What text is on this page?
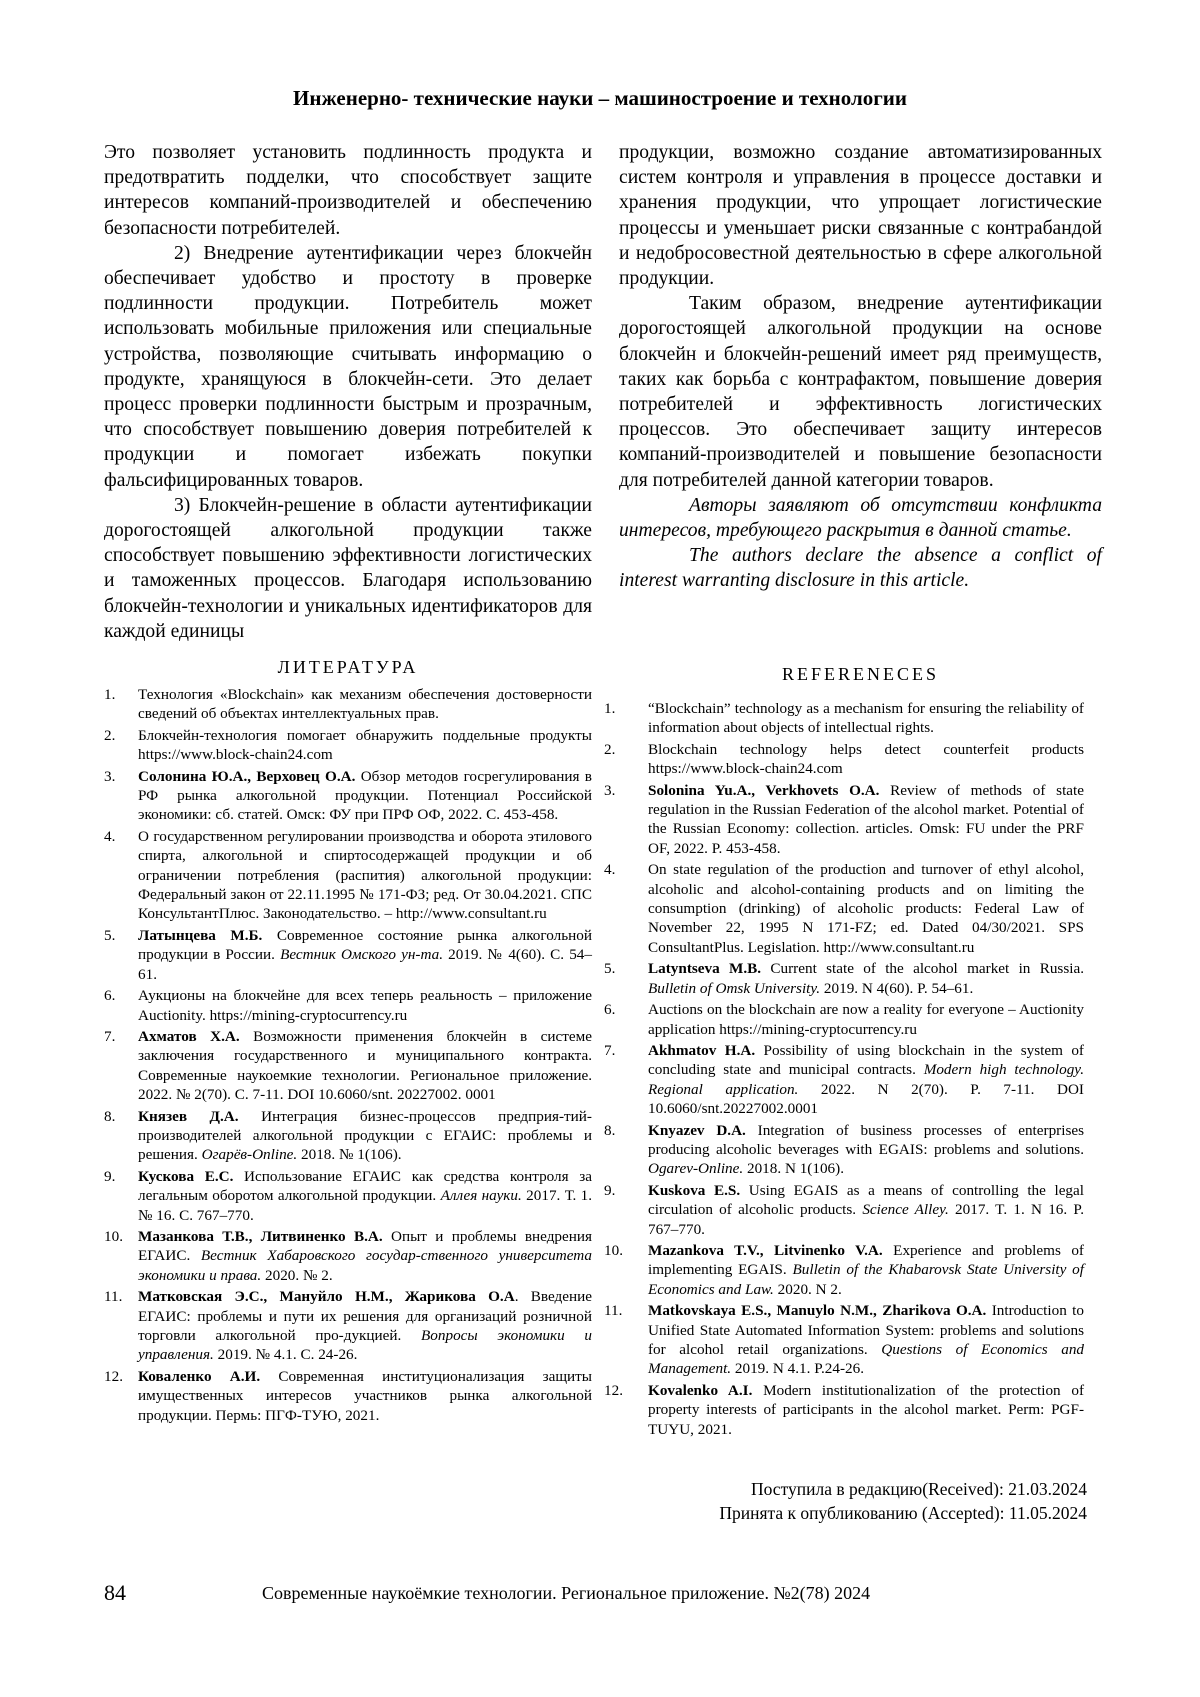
Инженерно- технические науки – машиностроение и технологии

Это позволяет установить подлинность продукта и предотвратить подделки, что способствует защите интересов компаний-производителей и обеспечению безопасности потребителей.

2) Внедрение аутентификации через блокчейн обеспечивает удобство и простоту в проверке подлинности продукции. Потребитель может использовать мобильные приложения или специальные устройства, позволяющие считывать информацию о продукте, хранящуюся в блокчейн-сети. Это делает процесс проверки подлинности быстрым и прозрачным, что способствует повышению доверия потребителей к продукции и помогает избежать покупки фальсифицированных товаров.

3) Блокчейн-решение в области аутентификации дорогостоящей алкогольной продукции также способствует повышению эффективности логистических и таможенных процессов. Благодаря использованию блокчейн-технологии и уникальных идентификаторов для каждой единицы

продукции, возможно создание автоматизированных систем контроля и управления в процессе доставки и хранения продукции, что упрощает логистические процессы и уменьшает риски связанные с контрабандой и недобросовестной деятельностью в сфере алкогольной продукции.

Таким образом, внедрение аутентификации дорогостоящей алкогольной продукции на основе блокчейн и блокчейн-решений имеет ряд преимуществ, таких как борьба с контрафактом, повышение доверия потребителей и эффективность логистических процессов. Это обеспечивает защиту интересов компаний-производителей и повышение безопасности для потребителей данной категории товаров.

Авторы заявляют об отсутствии конфликта интересов, требующего раскрытия в данной статье.

The authors declare the absence a conflict of interest warranting disclosure in this article.

ЛИТЕРАТУРА
1.	Технология «Blockchain» как механизм обеспечения достоверности сведений об объектах интеллектуальных прав.
2.	Блокчейн-технология помогает обнаружить поддельные продукты https://www.block-chain24.com
3.	Солонина Ю.А., Верховец О.А. Обзор методов госрегулирования в РФ рынка алкогольной продукции. Потенциал Российской экономики: сб. статей. Омск: ФУ при ПРФ ОФ, 2022. С. 453-458.
4.	О государственном регулировании производства и оборота этилового спирта, алкогольной и спиртосодержащей продукции и об ограничении потребления (распития) алкогольной продукции: Федеральный закон от 22.11.1995 № 171-ФЗ; ред. От 30.04.2021. СПС КонсультантПлюс. Законодательство. – http://www.consultant.ru
5.	Латынцева М.Б. Современное состояние рынка алкогольной продукции в России. Вестник Омского ун-та. 2019. № 4(60). С. 54–61.
6.	Аукционы на блокчейне для всех теперь реальность – приложение Auctionity. https://mining-cryptocurrency.ru
7.	Ахматов Х.А. Возможности применения блокчейн в системе заключения государственного и муниципального контракта. Современные наукоемкие технологии. Региональное приложение. 2022. № 2(70). С. 7-11. DOI 10.6060/snt. 20227002. 0001
8.	Князев Д.А. Интеграция бизнес-процессов предприя-тий-производителей алкогольной продукции с ЕГАИС: проблемы и решения. Огарёв-Online. 2018. № 1(106).
9.	Кускова Е.С. Использование ЕГАИС как средства контроля за легальным оборотом алкогольной продукции. Аллея науки. 2017. Т. 1. № 16. С. 767–770.
10. Мазанкова Т.В., Литвиненко В.А. Опыт и проблемы внедрения ЕГАИС. Вестник Хабаровского государ-ственного университета экономики и права. 2020. № 2.
11.	Матковская Э.С., Мануйло Н.М., Жарикова О.А. Введение ЕГАИС: проблемы и пути их решения для организаций розничной торговли алкогольной про-дукцией. Вопросы экономики и управления. 2019. № 4.1. С. 24-26.
12. Коваленко А.И. Современная институционализация защиты имущественных интересов участников рынка алкогольной продукции. Пермь: ПГФ-ТУЮ, 2021.
REFERENECES
1.	“Blockchain” technology as a mechanism for ensuring the reliability of information about objects of intellectual rights.
2.	Blockchain technology helps detect counterfeit products https://www.block-chain24.com
3.	Solonina Yu.A., Verkhovets O.A. Review of methods of state regulation in the Russian Federation of the alcohol market. Potential of the Russian Economy: collection. articles. Omsk: FU under the PRF OF, 2022. P. 453-458.
4.	On state regulation of the production and turnover of ethyl alcohol, alcoholic and alcohol-containing products and on limiting the consumption (drinking) of alcoholic products: Federal Law of November 22, 1995 N 171-FZ; ed. Dated 04/30/2021. SPS ConsultantPlus. Legislation. http://www.consultant.ru
5.	Latyntseva M.B. Current state of the alcohol market in Russia. Bulletin of Omsk University. 2019. N 4(60). P. 54–61.
6.	Auctions on the blockchain are now a reality for everyone – Auctionity application https://mining-cryptocurrency.ru
7.	Akhmatov H.A. Possibility of using blockchain in the system of concluding state and municipal contracts. Modern high technology. Regional application. 2022. N 2(70). P. 7-11. DOI 10.6060/snt.20227002.0001
8.	Knyazev D.A. Integration of business processes of enterprises producing alcoholic beverages with EGAIS: problems and solutions. Ogarev-Online. 2018. N 1(106).
9.	Kuskova E.S. Using EGAIS as a means of controlling the legal circulation of alcoholic products. Science Alley. 2017. T. 1. N 16. P. 767–770.
10.	Mazankova T.V., Litvinenko V.A. Experience and problems of implementing EGAIS. Bulletin of the Khabarovsk State University of Economics and Law. 2020. N 2.
11.	Matkovskaya E.S., Manuylo N.M., Zharikova O.A. Introduction to Unified State Automated Information System: problems and solutions for alcohol retail organizations. Questions of Economics and Management. 2019. N 4.1. P.24-26.
12.	Kovalenko A.I. Modern institutionalization of the protection of property interests of participants in the alcohol market. Perm: PGF-TUYU, 2021.
Поступила в редакцию(Received): 21.03.2024
Принята к опубликованию (Accepted): 11.05.2024
84	Современные наукоёмкие технологии. Региональное приложение. №2(78) 2024
